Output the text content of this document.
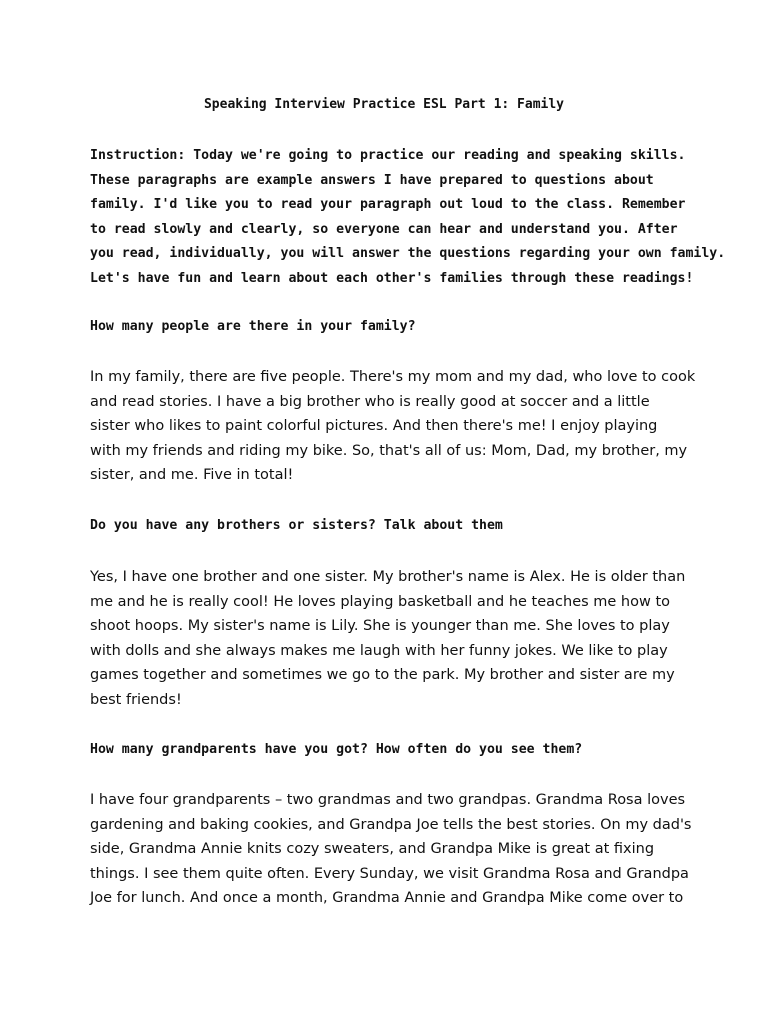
Speaking Interview Practice ESL Part 1: Family
Instruction: Today we're going to practice our reading and speaking skills.
These paragraphs are example answers I have prepared to questions about
family. I'd like you to read your paragraph out loud to the class. Remember
to read slowly and clearly, so everyone can hear and understand you. After
you read, individually, you will answer the questions regarding your own family.
Let's have fun and learn about each other's families through these readings!
How many people are there in your family?
In my family, there are five people. There's my mom and my dad, who love to cook
and read stories. I have a big brother who is really good at soccer and a little
sister who likes to paint colorful pictures. And then there's me! I enjoy playing
with my friends and riding my bike. So, that's all of us: Mom, Dad, my brother, my
sister, and me. Five in total!
Do you have any brothers or sisters? Talk about them
Yes, I have one brother and one sister. My brother's name is Alex. He is older than
me and he is really cool! He loves playing basketball and he teaches me how to
shoot hoops. My sister's name is Lily. She is younger than me. She loves to play
with dolls and she always makes me laugh with her funny jokes. We like to play
games together and sometimes we go to the park. My brother and sister are my
best friends!
How many grandparents have you got? How often do you see them?
I have four grandparents – two grandmas and two grandpas. Grandma Rosa loves
gardening and baking cookies, and Grandpa Joe tells the best stories. On my dad's
side, Grandma Annie knits cozy sweaters, and Grandpa Mike is great at fixing
things. I see them quite often. Every Sunday, we visit Grandma Rosa and Grandpa
Joe for lunch. And once a month, Grandma Annie and Grandpa Mike come over to
